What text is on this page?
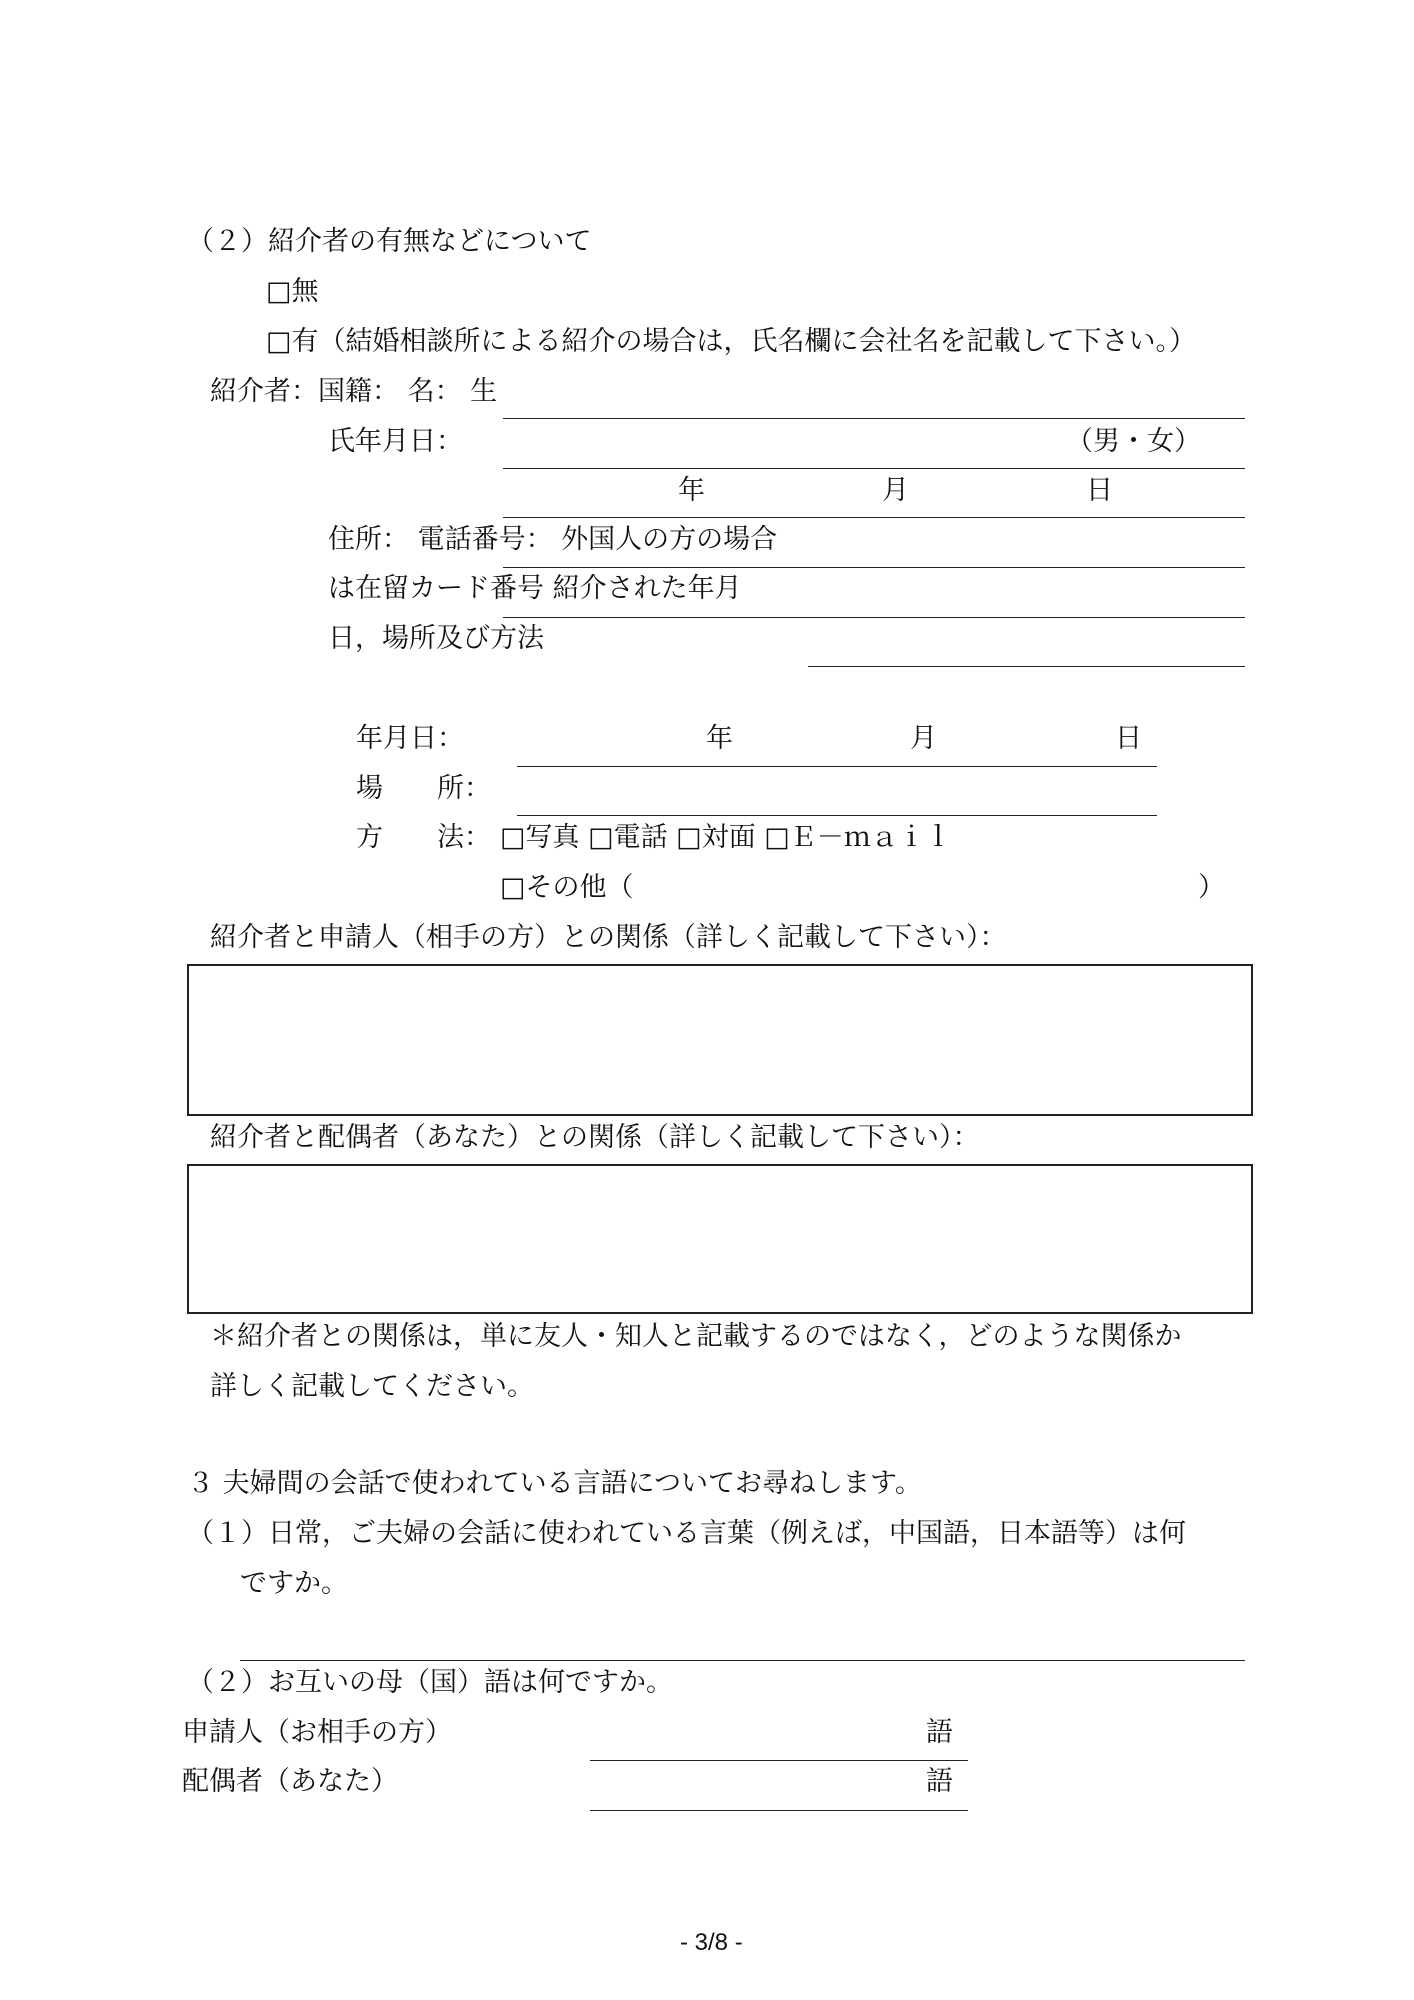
（２）紹介者の有無などについて
□無
□有（結婚相談所による紹介の場合は，氏名欄に会社名を記載して下さい。）
紹介者：国籍： 名： 生
氏年月日：	（男・女）
年	月	日
住所： 電話番号： 外国人の方の場合
は在留カード番号 紹介された年月
日，場所及び方法
年月日：	年	月	日
場　　所：
方　　法： □写真 □電話 □対面 □Ｅ－ｍａｉｌ
□その他（	）
紹介者と申請人（相手の方）との関係（詳しく記載して下さい）：
紹介者と配偶者（あなた）との関係（詳しく記載して下さい）：
＊紹介者との関係は，単に友人・知人と記載するのではなく，どのような関係か
詳しく記載してください。
３ 夫婦間の会話で使われている言語についてお尋ねします。
（１）日常，ご夫婦の会話に使われている言葉（例えば，中国語，日本語等）は何
ですか。
（２）お互いの母（国）語は何ですか。
申請人（お相手の方）	語
配偶者（あなた）	語
- 3/8 -
